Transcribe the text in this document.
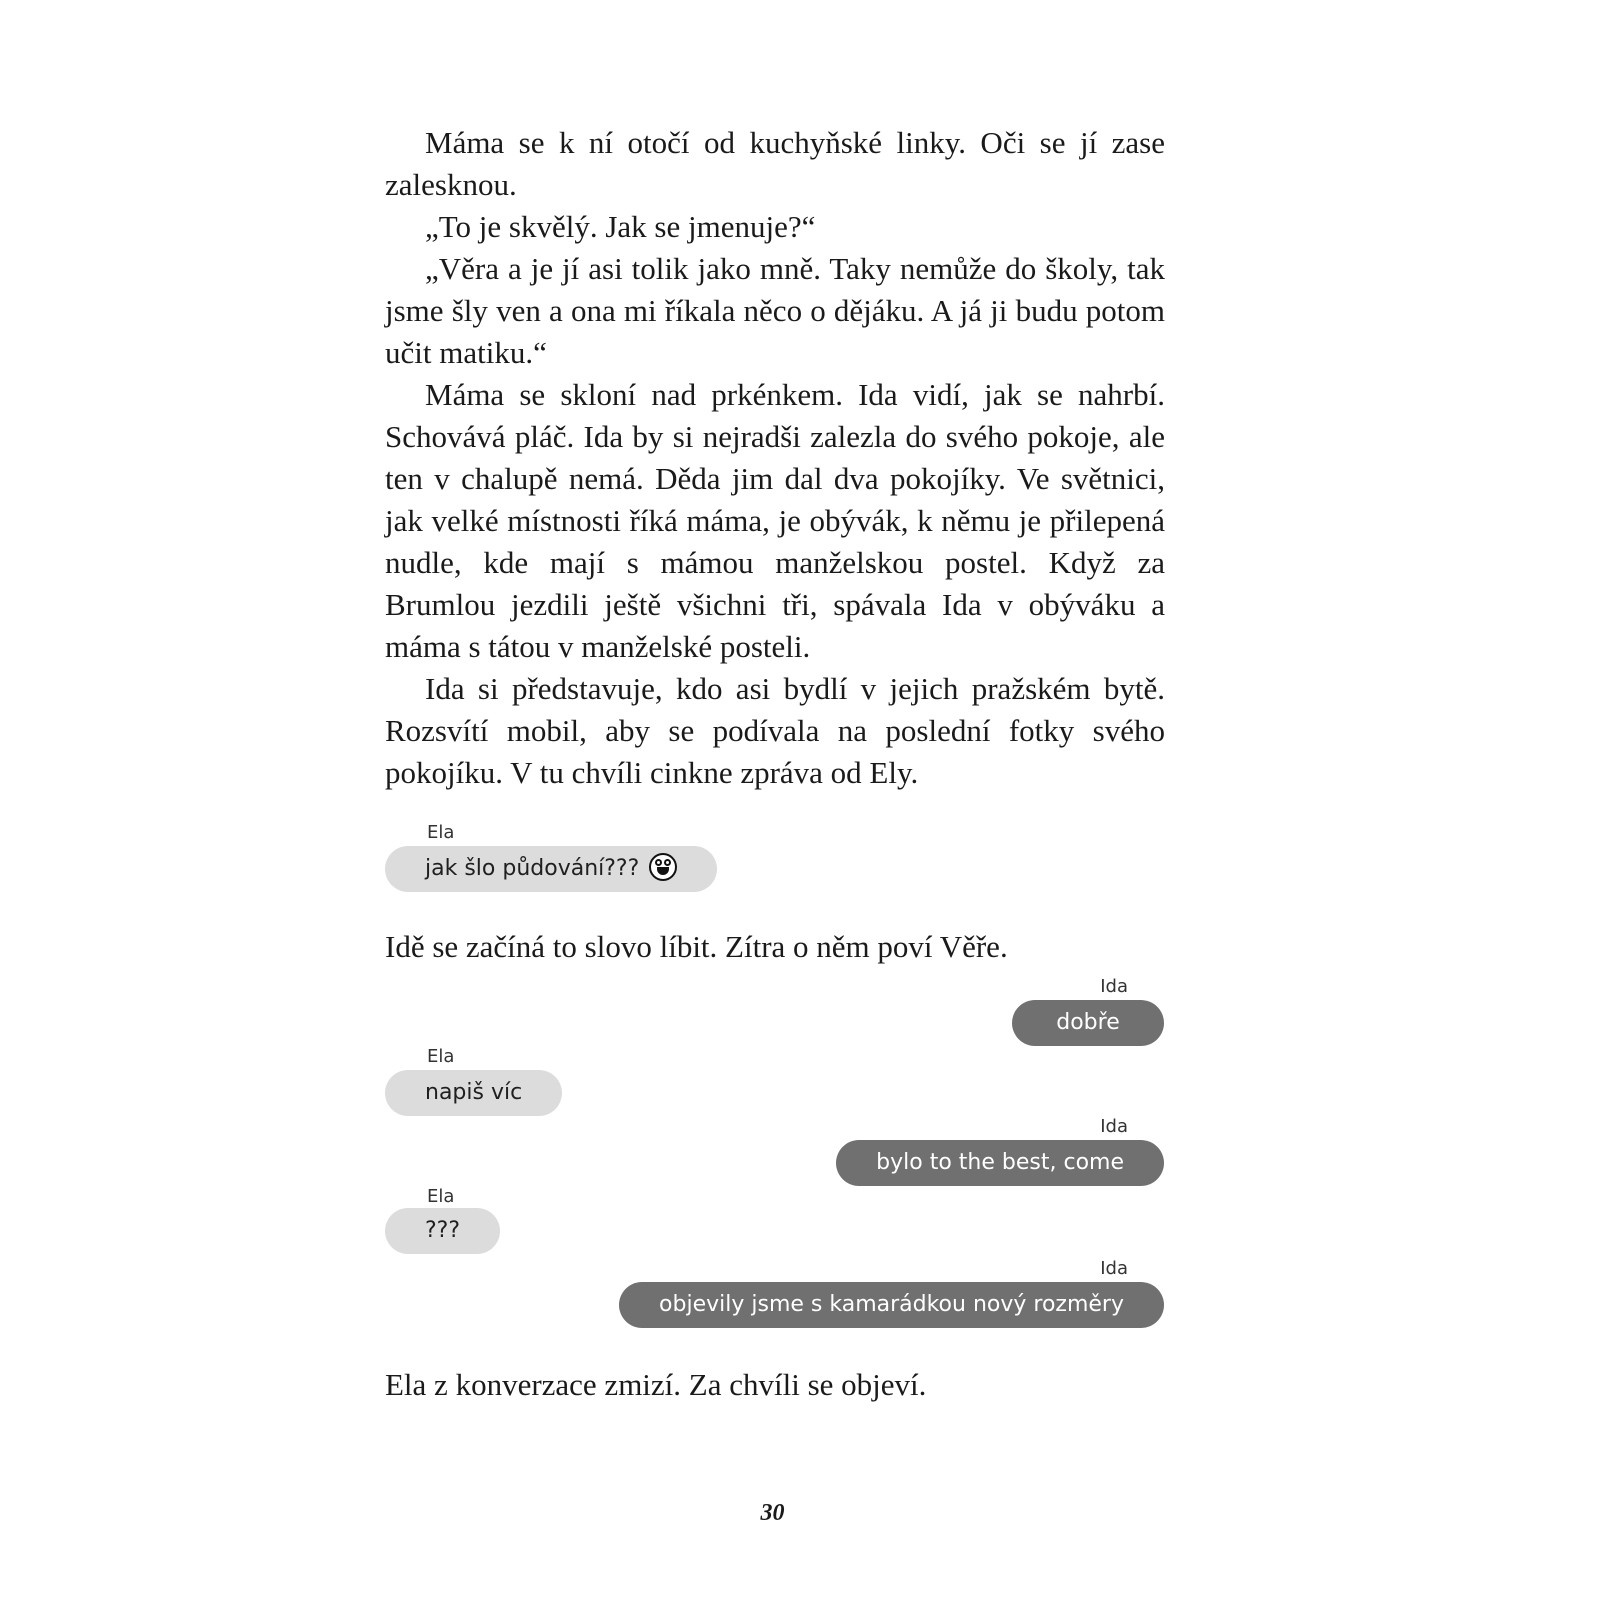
Máma se k ní otočí od kuchyňské linky. Oči se jí zase zalesknou.

„To je skvělý. Jak se jmenuje?“

„Věra a je jí asi tolik jako mně. Taky nemůže do školy, tak jsme šly ven a ona mi říkala něco o dějáku. A já ji budu potom učit matiku.“

Máma se skloní nad prkénkem. Ida vidí, jak se nahrbí. Schovává pláč. Ida by si nejradši zalezla do svého pokoje, ale ten v chalupě nemá. Děda jim dal dva pokojíky. Ve světnici, jak velké místnosti říká máma, je obývák, k němu je přilepená nudle, kde mají s mámou manželskou postel. Když za Brumlou jezdili ještě všichni tři, spávala Ida v obýváku a máma s tátou v manželské posteli.

Ida si představuje, kdo asi bydlí v jejich pražském bytě. Rozsvítí mobil, aby se podívala na poslední fotky svého pokojíku. V tu chvíli cinkne zpráva od Ely.

Ela
jak šlo půdování???
Idě se začíná to slovo líbit. Zítra o něm poví Věře.
Ida
dobře
Ela
napiš víc
Ida
bylo to the best, come
Ela
???
Ida
objevily jsme s kamarádkou nový rozměry
Ela z konverzace zmizí. Za chvíli se objeví.
30
